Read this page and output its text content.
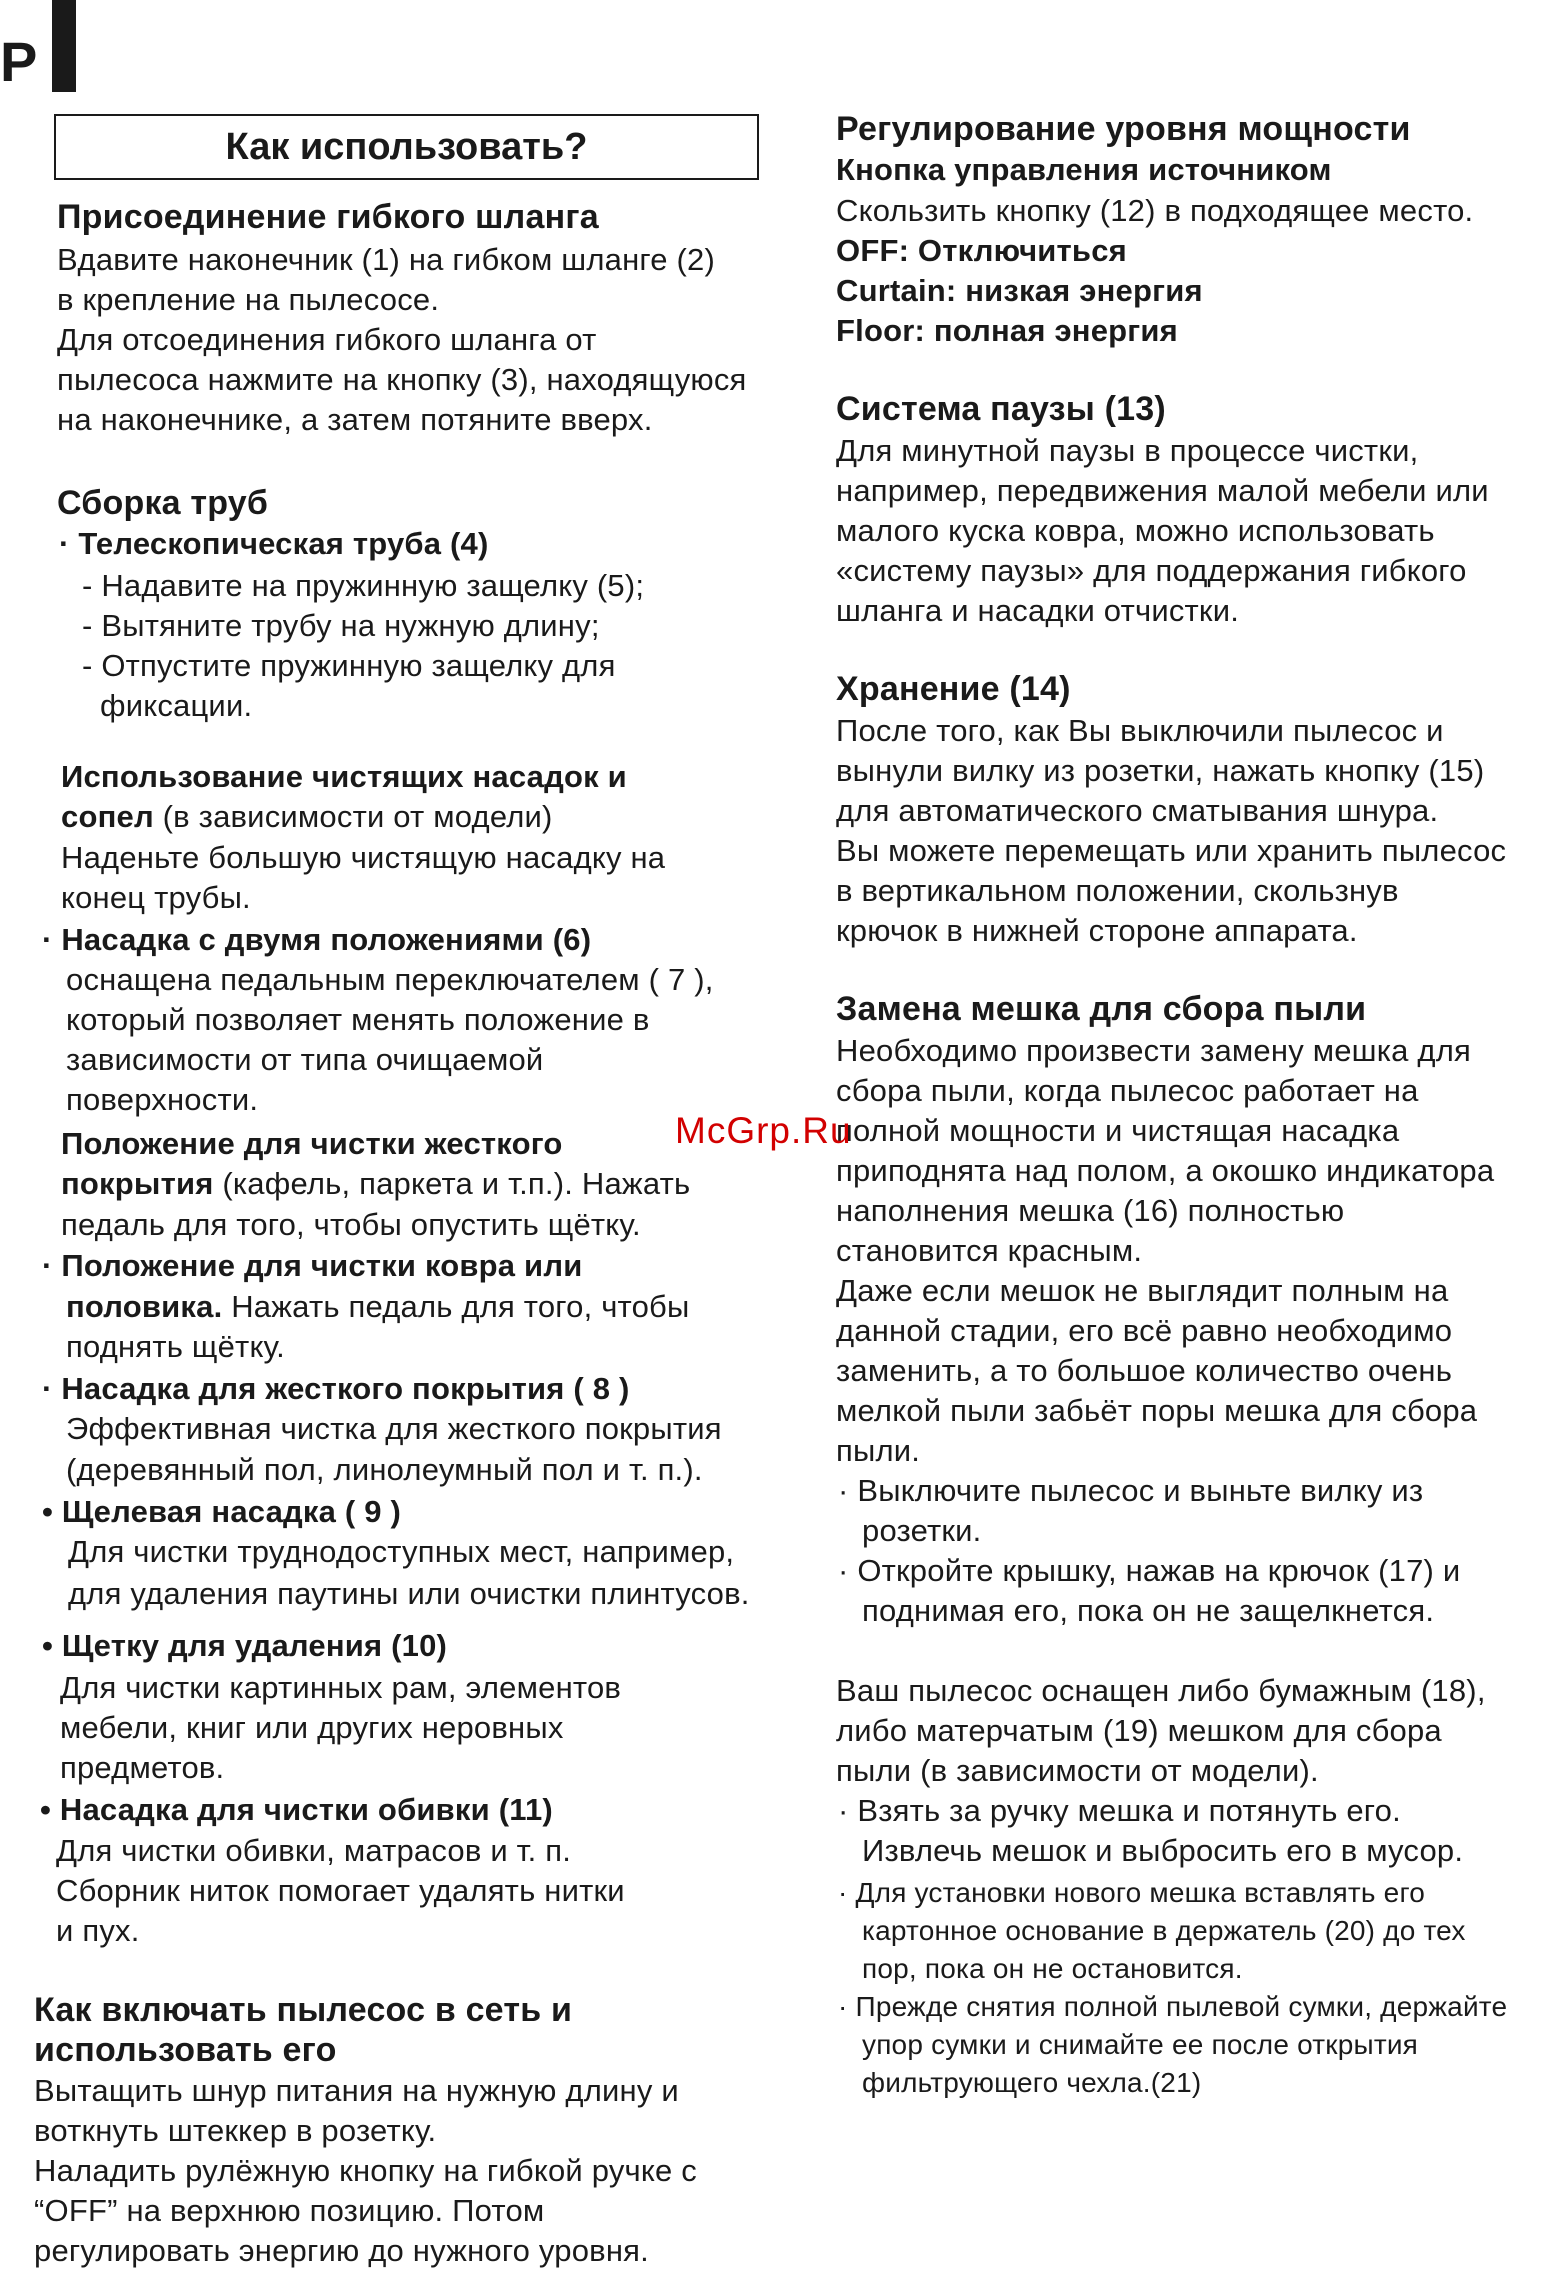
P
Как использовать?
Присоединение гибкого шланга
Вдавите наконечник (1) на гибком шланге (2)
в крепление на пылесосе.
Для отсоединения гибкого шланга от
пылесоса нажмите на кнопку (3), находящуюся
на наконечнике, а затем потяните вверх.
Сборка труб
· Телескопическая труба (4)
- Надавите на пружинную защелку (5);
- Вытяните трубу на нужную длину;
- Отпустите пружинную защелку для
фиксации.
Использование чистящих насадок и
сопел (в зависимости от модели)
Наденьте большую чистящую насадку на
конец трубы.
· Насадка с двумя положениями (6)
оснащена педальным переключателем ( 7 ),
который позволяет менять положение в
зависимости от типа очищаемой
поверхности.
Положение для чистки жесткого
покрытия (кафель, паркета и т.п.). Нажать
педаль для того, чтобы опустить щётку.
· Положение для чистки ковра или
половика. Нажать педаль для того, чтобы
поднять щётку.
· Насадка для жесткого покрытия ( 8 )
Эффективная чистка для жесткого покрытия
(деревянный пол, линолеумный пол и т. п.).
• Щелевая насадка ( 9 )
Для чистки труднодоступных мест, например,
для удаления паутины или очистки плинтусов.
• Щетку для удаления (10)
Для чистки картинных рам, элементов
мебели, книг или других неровных
предметов.
• Насадка для чистки обивки (11)
Для чистки обивки, матрасов и т. п.
Сборник ниток помогает удалять нитки
и пух.
Как включать пылесос в сеть и
использовать его
Вытащить шнур питания на нужную длину и
воткнуть штеккер в розетку.
Наладить рулёжную кнопку на гибкой ручке с
“OFF” на верхнюю позицию. Потом
регулировать энергию до нужного уровня.
Регулирование уровня мощности
Кнопка управления источником
Скользить кнопку (12) в подходящее место.
OFF: Отключиться
Curtain: низкая энергия
Floor: полная энергия
Система паузы (13)
Для минутной паузы в процессе чистки,
например, передвижения малой мебели или
малого куска ковра, можно использовать
«систему паузы» для поддержания гибкого
шланга и насадки отчистки.
Хранение (14)
После того, как Вы выключили пылесос и
вынули вилку из розетки, нажать кнопку (15)
для автоматического сматывания шнура.
Вы можете перемещать или хранить пылесос
в вертикальном положении, скользнув
крючок в нижней стороне аппарата.
Замена мешка для сбора пыли
Необходимо произвести замену мешка для
сбора пыли, когда пылесос работает на
полной мощности и чистящая насадка
приподнята над полом, а окошко индикатора
наполнения мешка (16) полностью
становится красным.
Даже если мешок не выглядит полным на
данной стадии, его всё равно необходимо
заменить, а то большое количество очень
мелкой пыли забьёт поры мешка для сбора
пыли.
· Выключите пылесос и выньте вилку из
розетки.
· Откройте крышку, нажав на крючок (17) и
поднимая его, пока он не защелкнется.
Ваш пылесос оснащен либо бумажным (18),
либо матерчатым (19) мешком для сбора
пыли (в зависимости от модели).
· Взять за ручку мешка и потянуть его.
Извлечь мешок и выбросить его в мусор.
· Для установки нового мешка вставлять его
картонное основание в держатель (20) до тех
пор, пока он не остановится.
· Прежде снятия полной пылевой сумки, держайте
упор сумки и снимайте ее после открытия
фильтрующего чехла.(21)
McGrp.Ru
